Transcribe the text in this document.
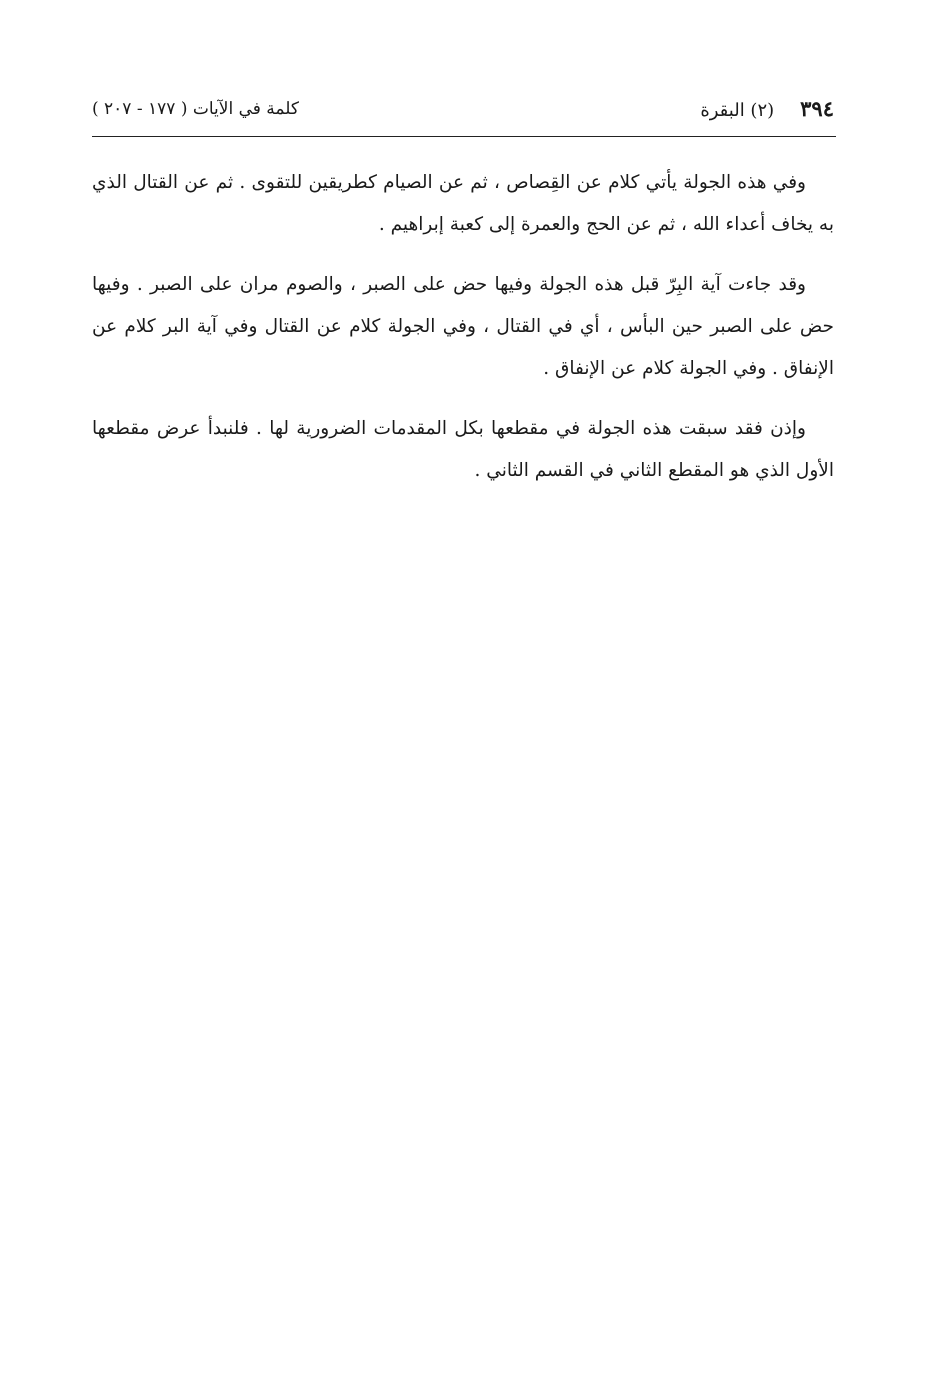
٣٩٤(٢) البقرة
كلمة في الآيات ( ١٧٧ - ٢٠٧ )

وفي هذه الجولة يأتي كلام عن القِصاص ، ثم عن الصيام كطريقين للتقوى . ثم عن القتال الذي به يخاف أعداء الله ، ثم عن الحج والعمرة إلى كعبة إبراهيم .

وقد جاءت آية البِرّ قبل هذه الجولة وفيها حض على الصبر ، والصوم مران على الصبر . وفيها حض على الصبر حين البأس ، أي في القتال ، وفي الجولة كلام عن القتال وفي آية البر كلام عن الإنفاق . وفي الجولة كلام عن الإنفاق .

وإذن فقد سبقت هذه الجولة في مقطعها بكل المقدمات الضرورية لها . فلنبدأ عرض مقطعها الأول الذي هو المقطع الثاني في القسم الثاني .
